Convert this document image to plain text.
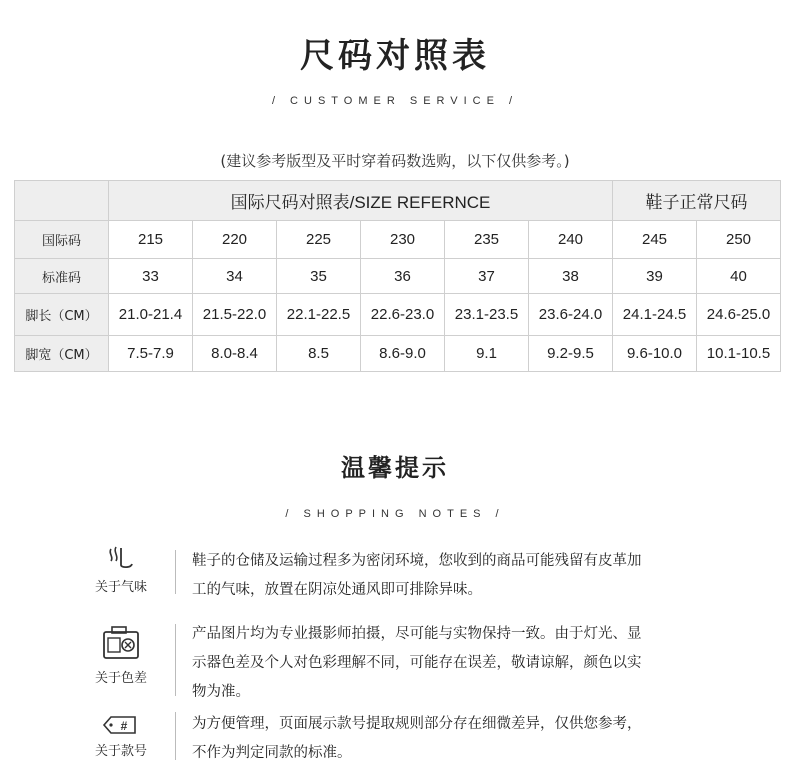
尺码对照表
/ CUSTOMER SERVICE /
(建议参考版型及平时穿着码数选购，以下仅供参考。)
	国际尺码对照表/SIZE REFERNCE						鞋子正常尺码	
国际码	215	220	225	230	235	240	245	250
标准码	33	34	35	36	37	38	39	40
脚长（CM）	21.0-21.4	21.5-22.0	22.1-22.5	22.6-23.0	23.1-23.5	23.6-24.0	24.1-24.5	24.6-25.0
脚宽（CM）	7.5-7.9	8.0-8.4	8.5	8.6-9.0	9.1	9.2-9.5	9.6-10.0	10.1-10.5
温馨提示
/ SHOPPING NOTES /
关于气味
鞋子的仓储及运输过程多为密闭环境，您收到的商品可能残留有皮革加
工的气味，放置在阴凉处通风即可排除异味。
关于色差
产品图片均为专业摄影师拍摄，尽可能与实物保持一致。由于灯光、显
示器色差及个人对色彩理解不同，可能存在误差，敬请谅解，颜色以实
物为准。
#
关于款号
为方便管理，页面展示款号提取规则部分存在细微差异，仅供您参考，
不作为判定同款的标准。
